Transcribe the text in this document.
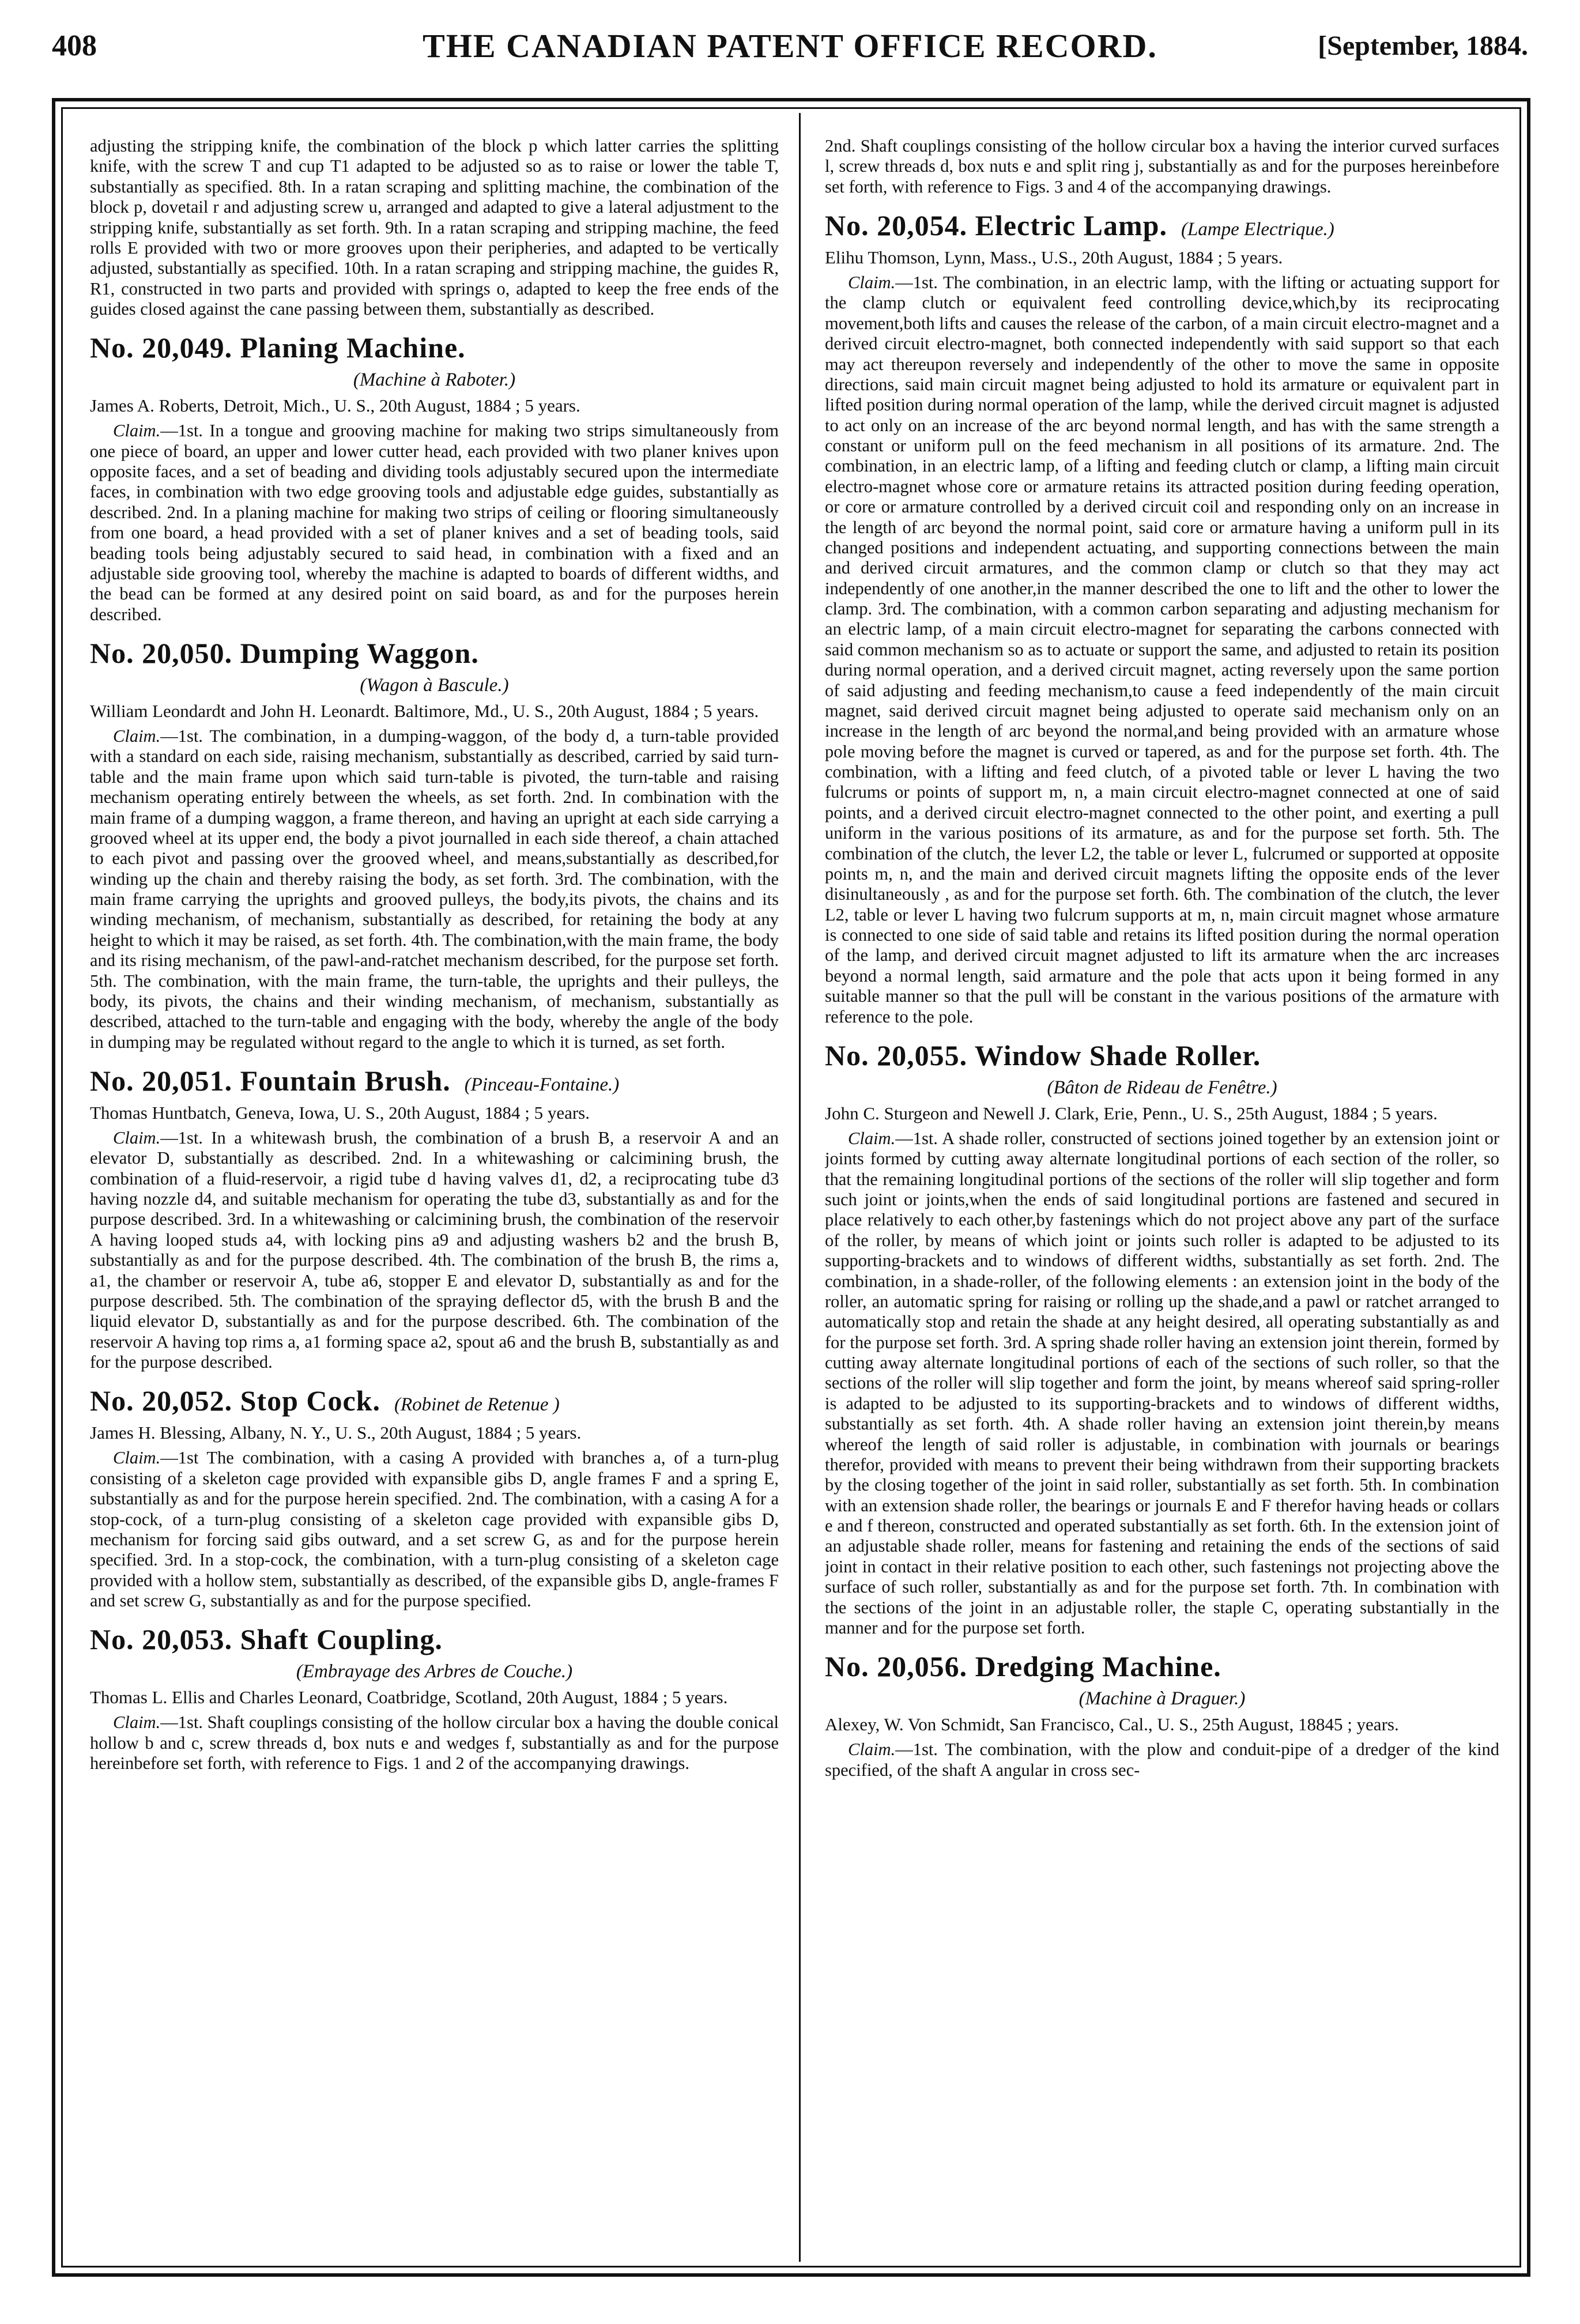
408	THE CANADIAN PATENT OFFICE RECORD.	[September, 1884.

adjusting the stripping knife, the combination of the block p which latter carries the splitting knife, with the screw T and cup T1 adapted to be adjusted so as to raise or lower the table T, substantially as specified. 8th. In a ratan scraping and splitting machine, the combination of the block p, dovetail r and adjusting screw u, arranged and adapted to give a lateral adjustment to the stripping knife, substantially as set forth. 9th. In a ratan scraping and stripping machine, the feed rolls E provided with two or more grooves upon their peripheries, and adapted to be vertically adjusted, substantially as specified. 10th. In a ratan scraping and stripping machine, the guides R, R1, constructed in two parts and provided with springs o, adapted to keep the free ends of the guides closed against the cane passing between them, substantially as described.

No. 20,049. Planing Machine.
(Machine à Raboter.)
James A. Roberts, Detroit, Mich., U. S., 20th August, 1884 ; 5 years.

Claim.—1st. In a tongue and grooving machine for making two strips simultaneously from one piece of board, an upper and lower cutter head, each provided with two planer knives upon opposite faces, and a set of beading and dividing tools adjustably secured upon the intermediate faces, in combination with two edge grooving tools and adjustable edge guides, substantially as described. 2nd. In a planing machine for making two strips of ceiling or flooring simultaneously from one board, a head provided with a set of planer knives and a set of beading tools, said beading tools being adjustably secured to said head, in combination with a fixed and an adjustable side grooving tool, whereby the machine is adapted to boards of different widths, and the bead can be formed at any desired point on said board, as and for the purposes herein described.

No. 20,050. Dumping Waggon.
(Wagon à Bascule.)
William Leondardt and John H. Leonardt. Baltimore, Md., U. S., 20th August, 1884 ; 5 years.

Claim.—1st. The combination, in a dumping-waggon, of the body d, a turn-table provided with a standard on each side, raising mechanism, substantially as described, carried by said turn-table and the main frame upon which said turn-table is pivoted, the turn-table and raising mechanism operating entirely between the wheels, as set forth. 2nd. In combination with the main frame of a dumping waggon, a frame thereon, and having an upright at each side carrying a grooved wheel at its upper end, the body a pivot journalled in each side thereof, a chain attached to each pivot and passing over the grooved wheel, and means,substantially as described,for winding up the chain and thereby raising the body, as set forth. 3rd. The combination, with the main frame carrying the uprights and grooved pulleys, the body,its pivots, the chains and its winding mechanism, of mechanism, substantially as described, for retaining the body at any height to which it may be raised, as set forth. 4th. The combination,with the main frame, the body and its rising mechanism, of the pawl-and-ratchet mechanism described, for the purpose set forth. 5th. The combination, with the main frame, the turn-table, the uprights and their pulleys, the body, its pivots, the chains and their winding mechanism, of mechanism, substantially as described, attached to the turn-table and engaging with the body, whereby the angle of the body in dumping may be regulated without regard to the angle to which it is turned, as set forth.

No. 20,051. Fountain Brush. (Pinceau-Fontaine.)
Thomas Huntbatch, Geneva, Iowa, U. S., 20th August, 1884 ; 5 years.

Claim.—1st. In a whitewash brush, the combination of a brush B, a reservoir A and an elevator D, substantially as described. 2nd. In a whitewashing or calcimining brush, the combination of a fluid-reservoir, a rigid tube d having valves d1, d2, a reciprocating tube d3 having nozzle d4, and suitable mechanism for operating the tube d3, substantially as and for the purpose described. 3rd. In a whitewashing or calcimining brush, the combination of the reservoir A having looped studs a4, with locking pins a9 and adjusting washers b2 and the brush B, substantially as and for the purpose described. 4th. The combination of the brush B, the rims a, a1, the chamber or reservoir A, tube a6, stopper E and elevator D, substantially as and for the purpose described. 5th. The combination of the spraying deflector d5, with the brush B and the liquid elevator D, substantially as and for the purpose described. 6th. The combination of the reservoir A having top rims a, a1 forming space a2, spout a6 and the brush B, substantially as and for the purpose described.

No. 20,052. Stop Cock. (Robinet de Retenue )
James H. Blessing, Albany, N. Y., U. S., 20th August, 1884 ; 5 years.

Claim.—1st The combination, with a casing A provided with branches a, of a turn-plug consisting of a skeleton cage provided with expansible gibs D, angle frames F and a spring E, substantially as and for the purpose herein specified. 2nd. The combination, with a casing A for a stop-cock, of a turn-plug consisting of a skeleton cage provided with expansible gibs D, mechanism for forcing said gibs outward, and a set screw G, as and for the purpose herein specified. 3rd. In a stop-cock, the combination, with a turn-plug consisting of a skeleton cage provided with a hollow stem, substantially as described, of the expansible gibs D, angle-frames F and set screw G, substantially as and for the purpose specified.

No. 20,053. Shaft Coupling.
(Embrayage des Arbres de Couche.)
Thomas L. Ellis and Charles Leonard, Coatbridge, Scotland, 20th August, 1884 ; 5 years.

Claim.—1st. Shaft couplings consisting of the hollow circular box a having the double conical hollow b and c, screw threads d, box nuts e and wedges f, substantially as and for the purpose hereinbefore set forth, with reference to Figs. 1 and 2 of the accompanying drawings.

2nd. Shaft couplings consisting of the hollow circular box a having the interior curved surfaces l, screw threads d, box nuts e and split ring j, substantially as and for the purposes hereinbefore set forth, with reference to Figs. 3 and 4 of the accompanying drawings.

No. 20,054. Electric Lamp. (Lampe Electrique.)
Elihu Thomson, Lynn, Mass., U.S., 20th August, 1884 ; 5 years.

Claim.—1st. The combination, in an electric lamp, with the lifting or actuating support for the clamp clutch or equivalent feed controlling device,which,by its reciprocating movement,both lifts and causes the release of the carbon, of a main circuit electro-magnet and a derived circuit electro-magnet, both connected independently with said support so that each may act thereupon reversely and independently of the other to move the same in opposite directions, said main circuit magnet being adjusted to hold its armature or equivalent part in lifted position during normal operation of the lamp, while the derived circuit magnet is adjusted to act only on an increase of the arc beyond normal length, and has with the same strength a constant or uniform pull on the feed mechanism in all positions of its armature. 2nd. The combination, in an electric lamp, of a lifting and feeding clutch or clamp, a lifting main circuit electro-magnet whose core or armature retains its attracted position during feeding operation, or core or armature controlled by a derived circuit coil and responding only on an increase in the length of arc beyond the normal point, said core or armature having a uniform pull in its changed positions and independent actuating, and supporting connections between the main and derived circuit armatures, and the common clamp or clutch so that they may act independently of one another,in the manner described the one to lift and the other to lower the clamp. 3rd. The combination, with a common carbon separating and adjusting mechanism for an electric lamp, of a main circuit electro-magnet for separating the carbons connected with said common mechanism so as to actuate or support the same, and adjusted to retain its position during normal operation, and a derived circuit magnet, acting reversely upon the same portion of said adjusting and feeding mechanism,to cause a feed independently of the main circuit magnet, said derived circuit magnet being adjusted to operate said mechanism only on an increase in the length of arc beyond the normal,and being provided with an armature whose pole moving before the magnet is curved or tapered, as and for the purpose set forth. 4th. The combination, with a lifting and feed clutch, of a pivoted table or lever L having the two fulcrums or points of support m, n, a main circuit electro-magnet connected at one of said points, and a derived circuit electro-magnet connected to the other point, and exerting a pull uniform in the various positions of its armature, as and for the purpose set forth. 5th. The combination of the clutch, the lever L2, the table or lever L, fulcrumed or supported at opposite points m, n, and the main and derived circuit magnets lifting the opposite ends of the lever disinultaneously , as and for the purpose set forth. 6th. The combination of the clutch, the lever L2, table or lever L having two fulcrum supports at m, n, main circuit magnet whose armature is connected to one side of said table and retains its lifted position during the normal operation of the lamp, and derived circuit magnet adjusted to lift its armature when the arc increases beyond a normal length, said armature and the pole that acts upon it being formed in any suitable manner so that the pull will be constant in the various positions of the armature with reference to the pole.

No. 20,055. Window Shade Roller.
(Bâton de Rideau de Fenêtre.)
John C. Sturgeon and Newell J. Clark, Erie, Penn., U. S., 25th August, 1884 ; 5 years.

Claim.—1st. A shade roller, constructed of sections joined together by an extension joint or joints formed by cutting away alternate longitudinal portions of each section of the roller, so that the remaining longitudinal portions of the sections of the roller will slip together and form such joint or joints,when the ends of said longitudinal portions are fastened and secured in place relatively to each other,by fastenings which do not project above any part of the surface of the roller, by means of which joint or joints such roller is adapted to be adjusted to its supporting-brackets and to windows of different widths, substantially as set forth. 2nd. The combination, in a shade-roller, of the following elements : an extension joint in the body of the roller, an automatic spring for raising or rolling up the shade,and a pawl or ratchet arranged to automatically stop and retain the shade at any height desired, all operating substantially as and for the purpose set forth. 3rd. A spring shade roller having an extension joint therein, formed by cutting away alternate longitudinal portions of each of the sections of such roller, so that the sections of the roller will slip together and form the joint, by means whereof said spring-roller is adapted to be adjusted to its supporting-brackets and to windows of different widths, substantially as set forth. 4th. A shade roller having an extension joint therein,by means whereof the length of said roller is adjustable, in combination with journals or bearings therefor, provided with means to prevent their being withdrawn from their supporting brackets by the closing together of the joint in said roller, substantially as set forth. 5th. In combination with an extension shade roller, the bearings or journals E and F therefor having heads or collars e and f thereon, constructed and operated substantially as set forth. 6th. In the extension joint of an adjustable shade roller, means for fastening and retaining the ends of the sections of said joint in contact in their relative position to each other, such fastenings not projecting above the surface of such roller, substantially as and for the purpose set forth. 7th. In combination with the sections of the joint in an adjustable roller, the staple C, operating substantially in the manner and for the purpose set forth.

No. 20,056. Dredging Machine.
(Machine à Draguer.)
Alexey, W. Von Schmidt, San Francisco, Cal., U. S., 25th August, 18845 ; years.

Claim.—1st. The combination, with the plow and conduit-pipe of a dredger of the kind specified, of the shaft A angular in cross sec-
